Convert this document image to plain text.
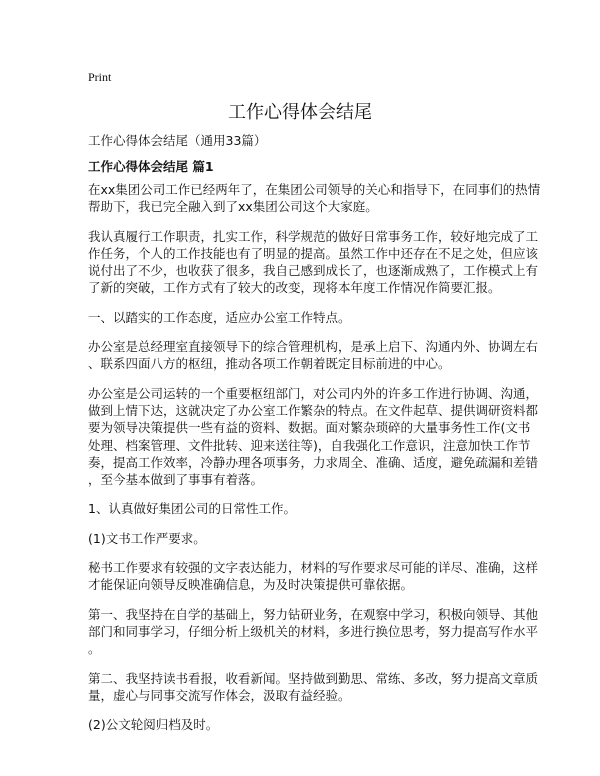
Print
工作心得体会结尾
工作心得体会结尾（通用33篇）
工作心得体会结尾 篇1
在xx集团公司工作已经两年了，在集团公司领导的关心和指导下，在同事们的热情
帮助下，我已完全融入到了xx集团公司这个大家庭。
我认真履行工作职责，扎实工作，科学规范的做好日常事务工作，较好地完成了工
作任务，个人的工作技能也有了明显的提高。虽然工作中还存在不足之处，但应该
说付出了不少，也收获了很多，我自己感到成长了，也逐渐成熟了，工作模式上有
了新的突破，工作方式有了较大的改变，现将本年度工作情况作简要汇报。
一、以踏实的工作态度，适应办公室工作特点。
办公室是总经理室直接领导下的综合管理机构，是承上启下、沟通内外、协调左右
、联系四面八方的枢纽，推动各项工作朝着既定目标前进的中心。
办公室是公司运转的一个重要枢纽部门，对公司内外的许多工作进行协调、沟通，
做到上情下达，这就决定了办公室工作繁杂的特点。在文件起草、提供调研资料都
要为领导决策提供一些有益的资料、数据。面对繁杂琐碎的大量事务性工作(文书
处理、档案管理、文件批转、迎来送往等)，自我强化工作意识，注意加快工作节
奏，提高工作效率，冷静办理各项事务，力求周全、准确、适度，避免疏漏和差错
，至今基本做到了事事有着落。
1、认真做好集团公司的日常性工作。
(1)文书工作严要求。
秘书工作要求有较强的文字表达能力，材料的写作要求尽可能的详尽、准确，这样
才能保证向领导反映准确信息，为及时决策提供可靠依据。
第一、我坚持在自学的基础上，努力钻研业务，在观察中学习，积极向领导、其他
部门和同事学习，仔细分析上级机关的材料，多进行换位思考，努力提高写作水平
。
第二、我坚持读书看报，收看新闻。坚持做到勤思、常练、多改，努力提高文章质
量，虚心与同事交流写作体会，汲取有益经验。
(2)公文轮阅归档及时。
